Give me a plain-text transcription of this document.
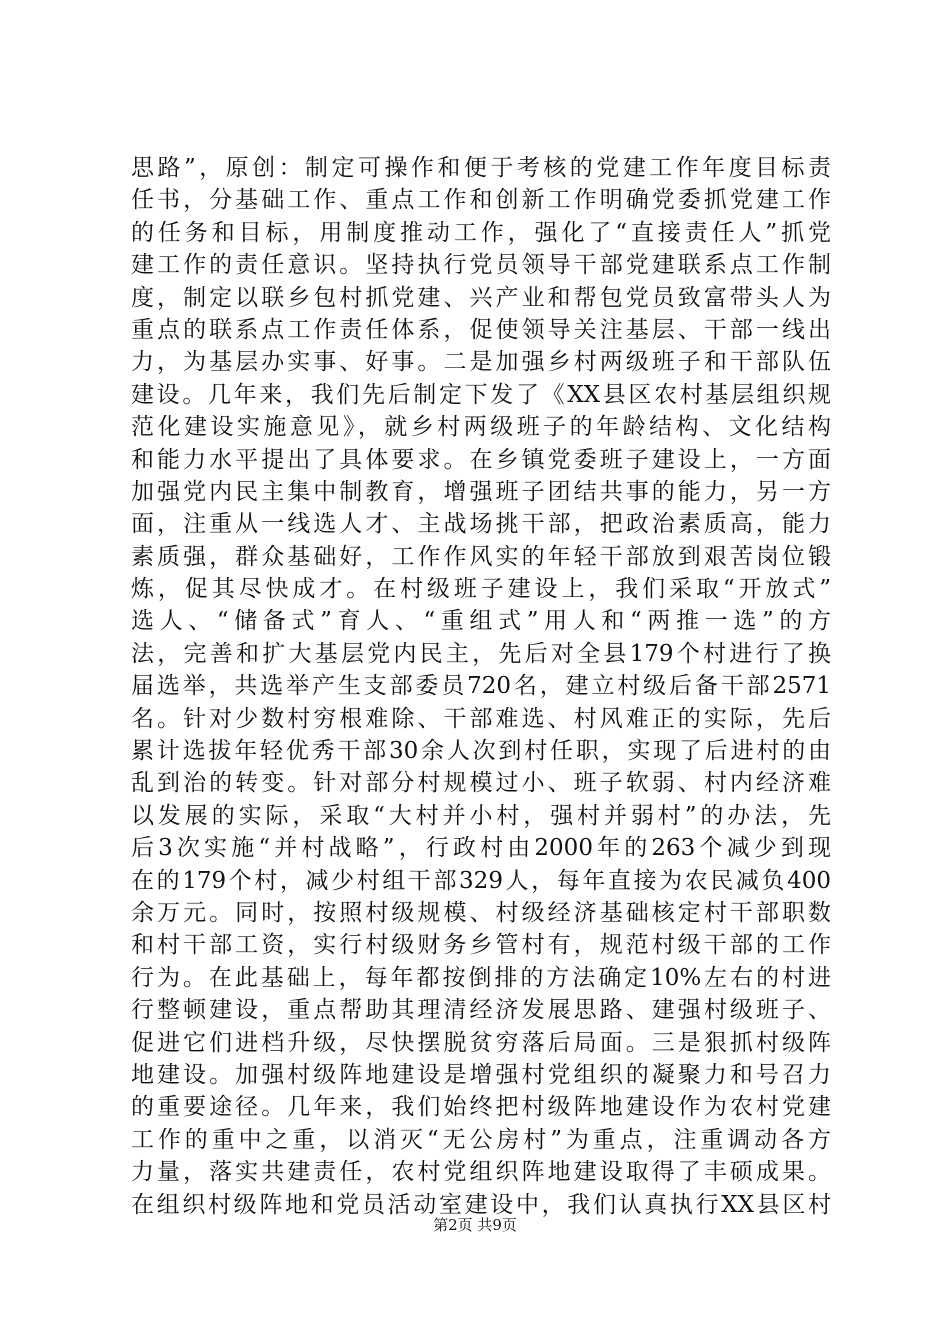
思路”，原创：制定可操作和便于考核的党建工作年度目标责
任书，分基础工作、重点工作和创新工作明确党委抓党建工作
的任务和目标，用制度推动工作，强化了“直接责任人”抓党
建工作的责任意识。坚持执行党员领导干部党建联系点工作制
度，制定以联乡包村抓党建、兴产业和帮包党员致富带头人为
重点的联系点工作责任体系，促使领导关注基层、干部一线出
力，为基层办实事、好事。二是加强乡村两级班子和干部队伍
建设。几年来，我们先后制定下发了《XX县区农村基层组织规
范化建设实施意见》，就乡村两级班子的年龄结构、文化结构
和能力水平提出了具体要求。在乡镇党委班子建设上，一方面
加强党内民主集中制教育，增强班子团结共事的能力，另一方
面，注重从一线选人才、主战场挑干部，把政治素质高，能力
素质强，群众基础好，工作作风实的年轻干部放到艰苦岗位锻
炼，促其尽快成才。在村级班子建设上，我们采取“开放式”
选人、“储备式”育人、“重组式”用人和“两推一选”的方
法，完善和扩大基层党内民主，先后对全县179个村进行了换
届选举，共选举产生支部委员720名，建立村级后备干部2571
名。针对少数村穷根难除、干部难选、村风难正的实际，先后
累计选拔年轻优秀干部30余人次到村任职，实现了后进村的由
乱到治的转变。针对部分村规模过小、班子软弱、村内经济难
以发展的实际，采取“大村并小村，强村并弱村”的办法，先
后3次实施“并村战略”，行政村由2000年的263个减少到现
在的179个村，减少村组干部329人，每年直接为农民减负400
余万元。同时，按照村级规模、村级经济基础核定村干部职数
和村干部工资，实行村级财务乡管村有，规范村级干部的工作
行为。在此基础上，每年都按倒排的方法确定10%左右的村进
行整顿建设，重点帮助其理清经济发展思路、建强村级班子、
促进它们进档升级，尽快摆脱贫穷落后局面。三是狠抓村级阵
地建设。加强村级阵地建设是增强村党组织的凝聚力和号召力
的重要途径。几年来，我们始终把村级阵地建设作为农村党建
工作的重中之重，以消灭“无公房村”为重点，注重调动各方
力量，落实共建责任，农村党组织阵地建设取得了丰硕成果。
在组织村级阵地和党员活动室建设中，我们认真执行XX县区村
第2页 共9页
